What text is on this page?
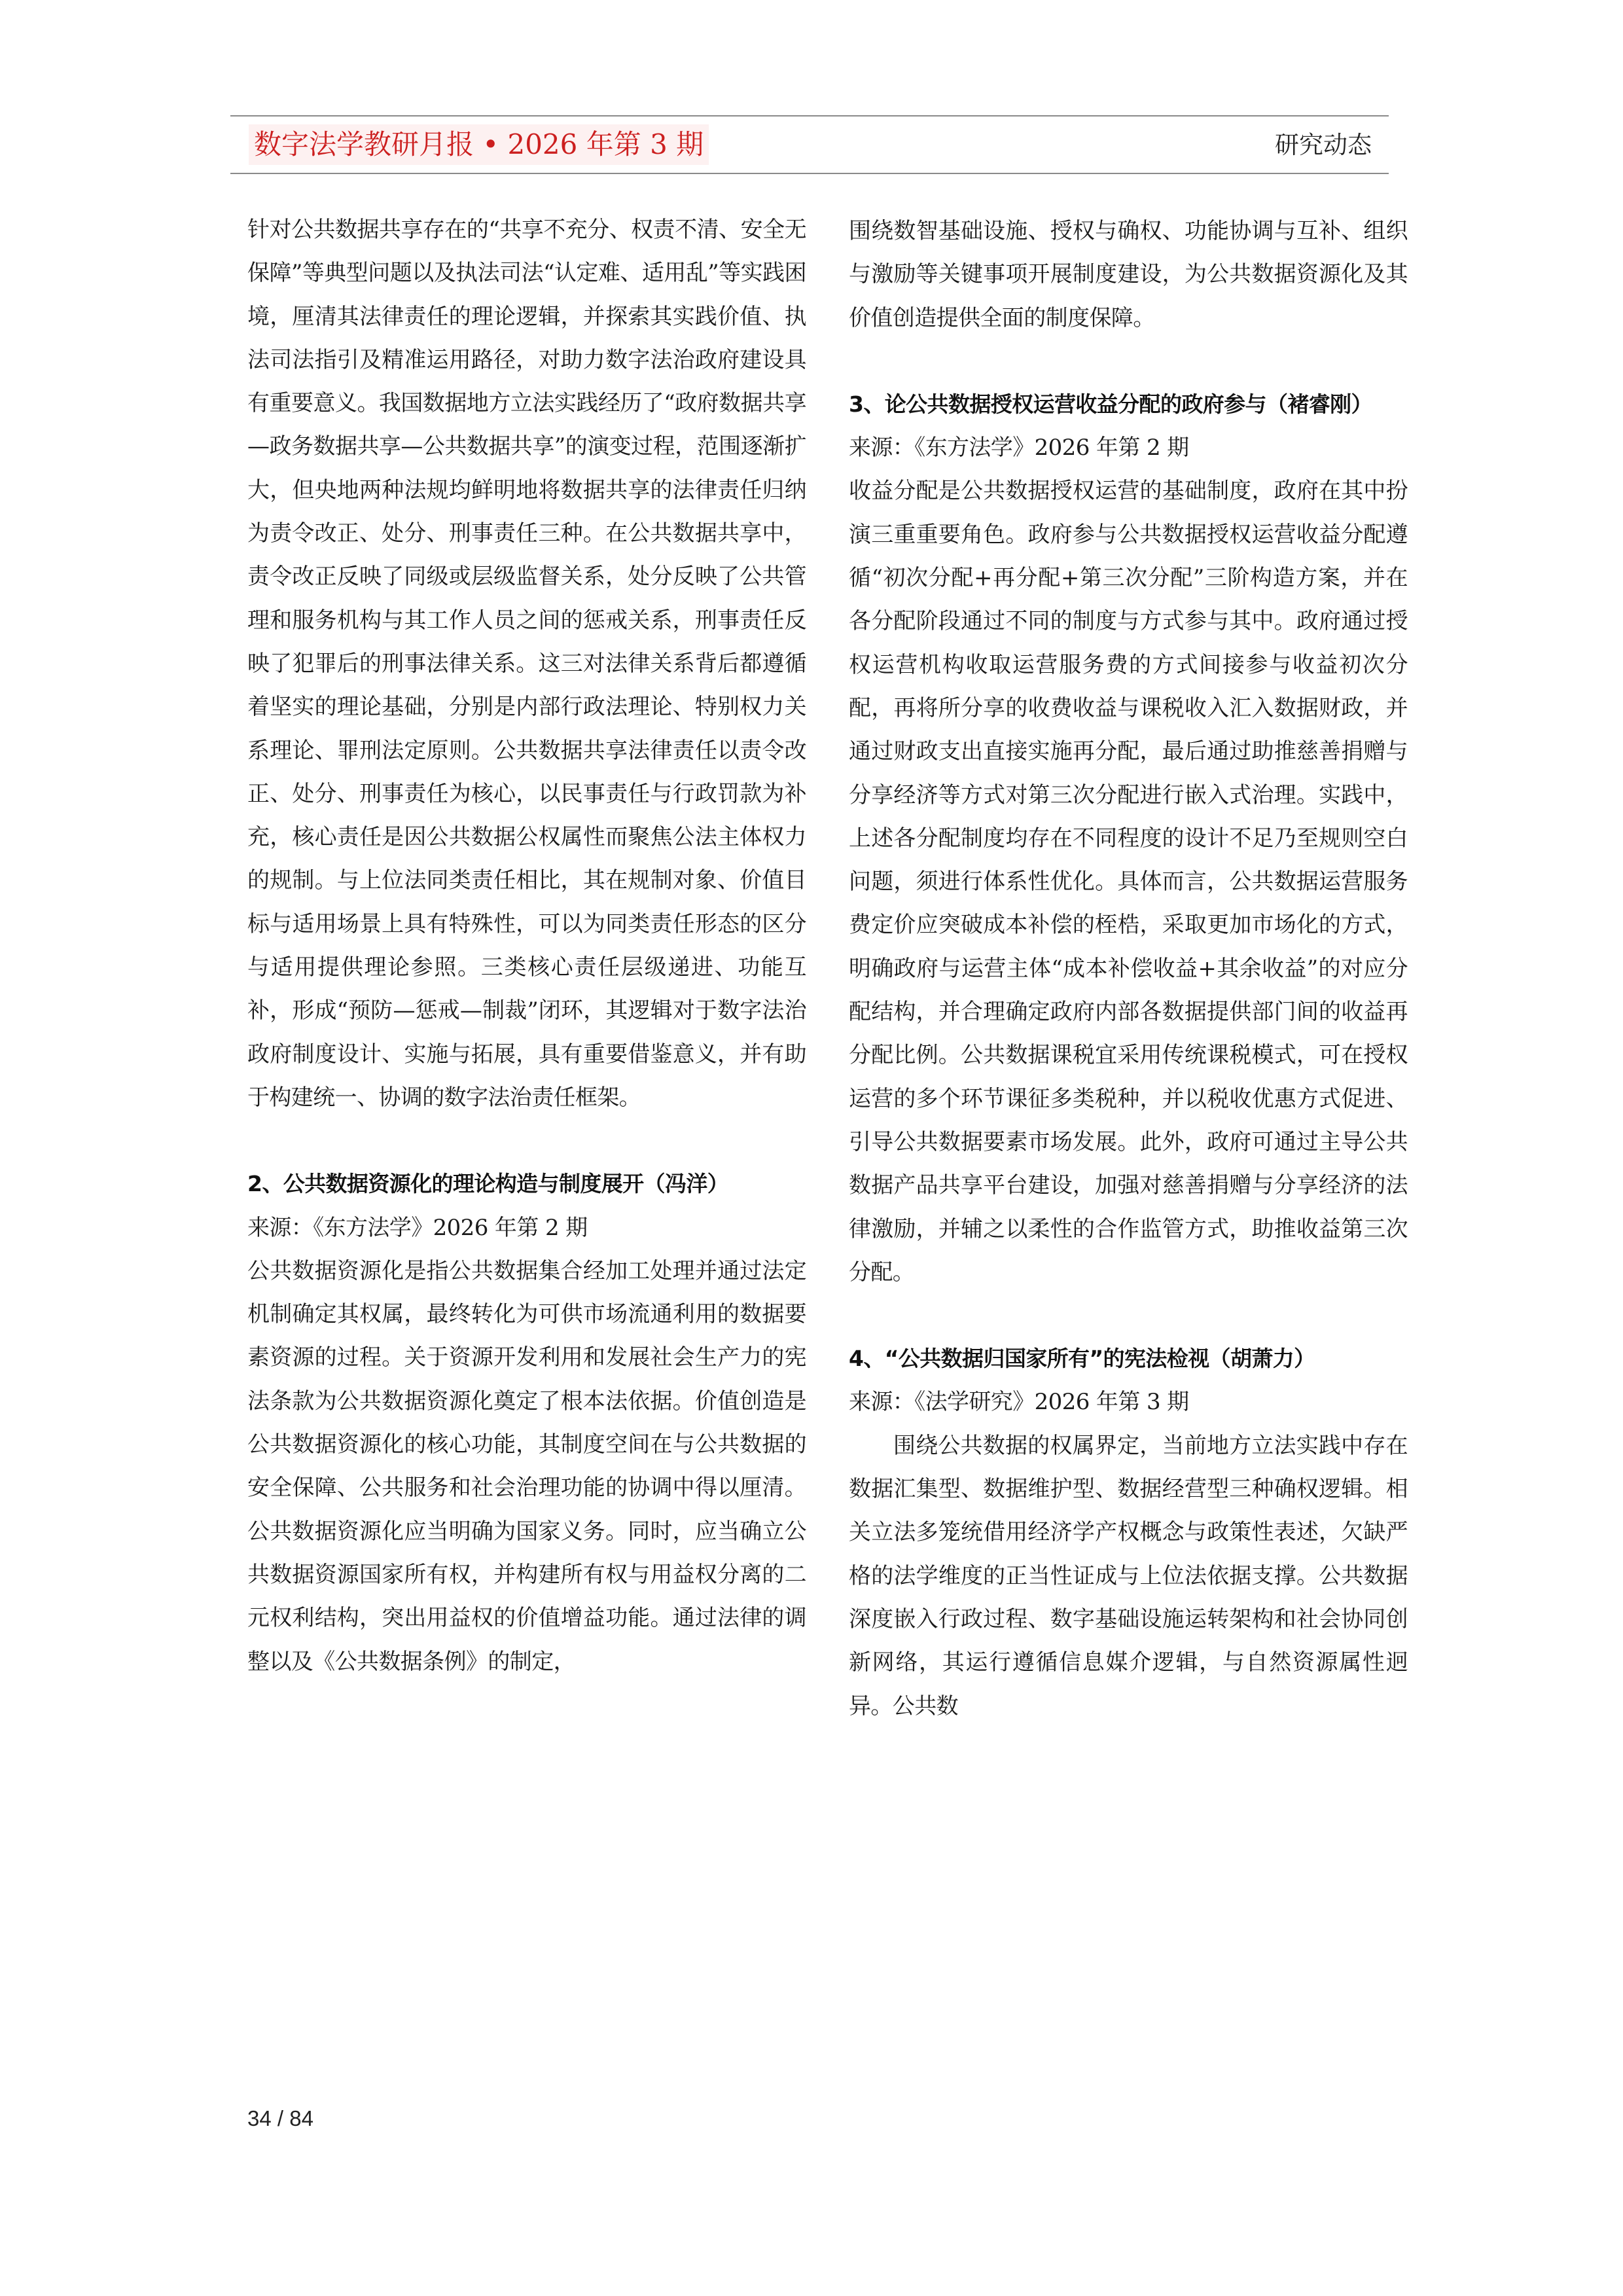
数字法学教研月报 • 2026 年第 3 期	研究动态

针对公共数据共享存在的“共享不充分、权责不清、安全无保障”等典型问题以及执法司法“认定难、适用乱”等实践困境，厘清其法律责任的理论逻辑，并探索其实践价值、执法司法指引及精准运用路径，对助力数字法治政府建设具有重要意义。我国数据地方立法实践经历了“政府数据共享—政务数据共享—公共数据共享”的演变过程，范围逐渐扩大，但央地两种法规均鲜明地将数据共享的法律责任归纳为责令改正、处分、刑事责任三种。在公共数据共享中，责令改正反映了同级或层级监督关系，处分反映了公共管理和服务机构与其工作人员之间的惩戒关系，刑事责任反映了犯罪后的刑事法律关系。这三对法律关系背后都遵循着坚实的理论基础，分别是内部行政法理论、特别权力关系理论、罪刑法定原则。公共数据共享法律责任以责令改正、处分、刑事责任为核心，以民事责任与行政罚款为补充，核心责任是因公共数据公权属性而聚焦公法主体权力的规制。与上位法同类责任相比，其在规制对象、价值目标与适用场景上具有特殊性，可以为同类责任形态的区分与适用提供理论参照。三类核心责任层级递进、功能互补，形成“预防—惩戒—制裁”闭环，其逻辑对于数字法治政府制度设计、实施与拓展，具有重要借鉴意义，并有助于构建统一、协调的数字法治责任框架。

2、公共数据资源化的理论构造与制度展开（冯洋）
来源：《东方法学》2026 年第 2 期

公共数据资源化是指公共数据集合经加工处理并通过法定机制确定其权属，最终转化为可供市场流通利用的数据要素资源的过程。关于资源开发利用和发展社会生产力的宪法条款为公共数据资源化奠定了根本法依据。价值创造是公共数据资源化的核心功能，其制度空间在与公共数据的安全保障、公共服务和社会治理功能的协调中得以厘清。公共数据资源化应当明确为国家义务。同时，应当确立公共数据资源国家所有权，并构建所有权与用益权分离的二元权利结构，突出用益权的价值增益功能。通过法律的调整以及《公共数据条例》的制定，

围绕数智基础设施、授权与确权、功能协调与互补、组织与激励等关键事项开展制度建设，为公共数据资源化及其价值创造提供全面的制度保障。

3、论公共数据授权运营收益分配的政府参与（褚睿刚）
来源：《东方法学》2026 年第 2 期

收益分配是公共数据授权运营的基础制度，政府在其中扮演三重重要角色。政府参与公共数据授权运营收益分配遵循“初次分配+再分配+第三次分配”三阶构造方案，并在各分配阶段通过不同的制度与方式参与其中。政府通过授权运营机构收取运营服务费的方式间接参与收益初次分配，再将所分享的收费收益与课税收入汇入数据财政，并通过财政支出直接实施再分配，最后通过助推慈善捐赠与分享经济等方式对第三次分配进行嵌入式治理。实践中，上述各分配制度均存在不同程度的设计不足乃至规则空白问题，须进行体系性优化。具体而言，公共数据运营服务费定价应突破成本补偿的桎梏，采取更加市场化的方式，明确政府与运营主体“成本补偿收益+其余收益”的对应分配结构，并合理确定政府内部各数据提供部门间的收益再分配比例。公共数据课税宜采用传统课税模式，可在授权运营的多个环节课征多类税种，并以税收优惠方式促进、引导公共数据要素市场发展。此外，政府可通过主导公共数据产品共享平台建设，加强对慈善捐赠与分享经济的法律激励，并辅之以柔性的合作监管方式，助推收益第三次分配。

4、“公共数据归国家所有”的宪法检视（胡萧力）
来源：《法学研究》2026 年第 3 期

围绕公共数据的权属界定，当前地方立法实践中存在数据汇集型、数据维护型、数据经营型三种确权逻辑。相关立法多笼统借用经济学产权概念与政策性表述，欠缺严格的法学维度的正当性证成与上位法依据支撑。公共数据深度嵌入行政过程、数字基础设施运转架构和社会协同创新网络，其运行遵循信息媒介逻辑，与自然资源属性迥异。公共数

34 / 84
